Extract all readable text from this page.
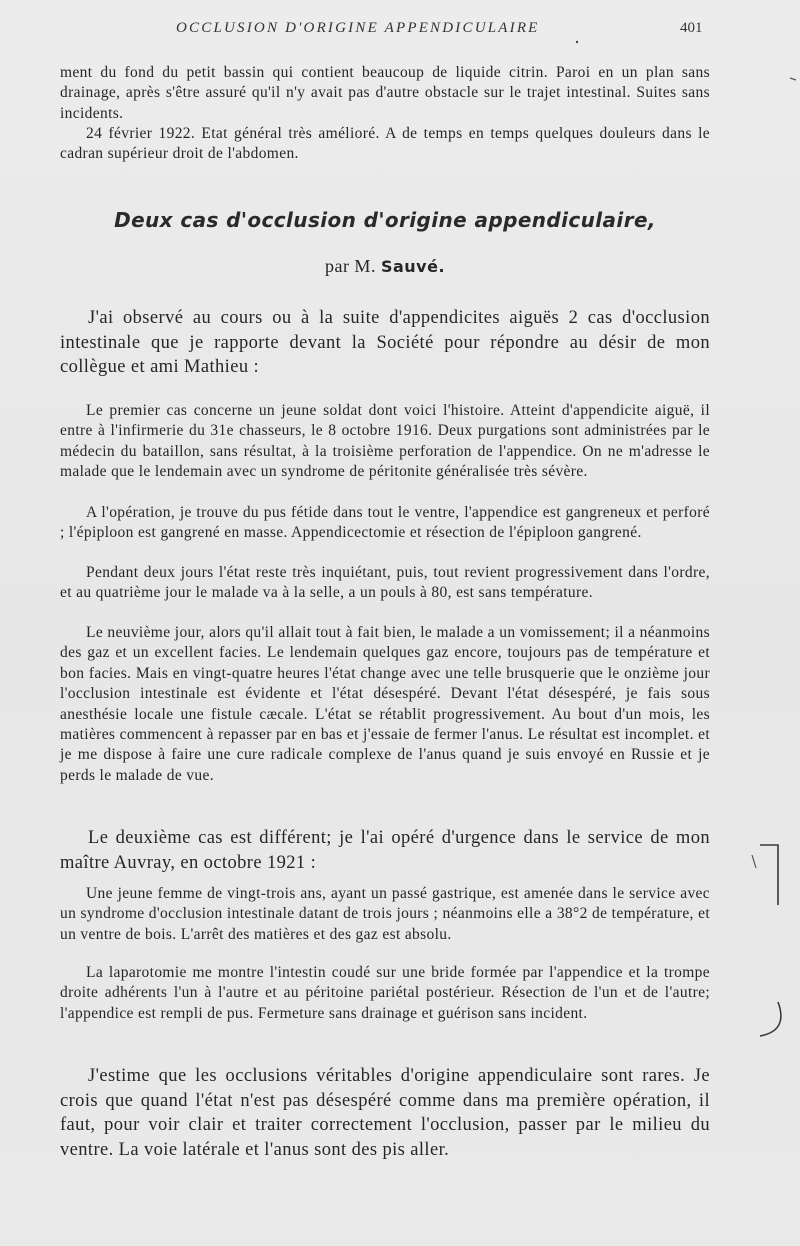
OCCLUSION D'ORIGINE APPENDICULAIRE	401

ment du fond du petit bassin qui contient beaucoup de liquide citrin. Paroi en un plan sans drainage, après s'être assuré qu'il n'y avait pas d'autre obstacle sur le trajet intestinal. Suites sans incidents.

24 février 1922. Etat général très amélioré. A de temps en temps quelques douleurs dans le cadran supérieur droit de l'abdomen.

Deux cas d'occlusion d'origine appendiculaire,
par M. Sauvé.

J'ai observé au cours ou à la suite d'appendicites aiguës 2 cas d'occlusion intestinale que je rapporte devant la Société pour répondre au désir de mon collègue et ami Mathieu :

Le premier cas concerne un jeune soldat dont voici l'histoire. Atteint d'appendicite aiguë, il entre à l'infirmerie du 31e chasseurs, le 8 octobre 1916. Deux purgations sont administrées par le médecin du bataillon, sans résultat, à la troisième perforation de l'appendice. On ne m'adresse le malade que le lendemain avec un syndrome de péritonite généralisée très sévère.

A l'opération, je trouve du pus fétide dans tout le ventre, l'appendice est gangreneux et perforé ; l'épiploon est gangrené en masse. Appendicectomie et résection de l'épiploon gangrené.

Pendant deux jours l'état reste très inquiétant, puis, tout revient progressivement dans l'ordre, et au quatrième jour le malade va à la selle, a un pouls à 80, est sans température.

Le neuvième jour, alors qu'il allait tout à fait bien, le malade a un vomissement; il a néanmoins des gaz et un excellent facies. Le lendemain quelques gaz encore, toujours pas de température et bon facies. Mais en vingt-quatre heures l'état change avec une telle brusquerie que le onzième jour l'occlusion intestinale est évidente et l'état désespéré. Devant l'état désespéré, je fais sous anesthésie locale une fistule cæcale. L'état se rétablit progressivement. Au bout d'un mois, les matières commencent à repasser par en bas et j'essaie de fermer l'anus. Le résultat est incomplet. et je me dispose à faire une cure radicale complexe de l'anus quand je suis envoyé en Russie et je perds le malade de vue.

Le deuxième cas est différent; je l'ai opéré d'urgence dans le service de mon maître Auvray, en octobre 1921 :

Une jeune femme de vingt-trois ans, ayant un passé gastrique, est amenée dans le service avec un syndrome d'occlusion intestinale datant de trois jours ; néanmoins elle a 38°2 de température, et un ventre de bois. L'arrêt des matières et des gaz est absolu.

La laparotomie me montre l'intestin coudé sur une bride formée par l'appendice et la trompe droite adhérents l'un à l'autre et au péritoine pariétal postérieur. Résection de l'un et de l'autre; l'appendice est rempli de pus. Fermeture sans drainage et guérison sans incident.

J'estime que les occlusions véritables d'origine appendiculaire sont rares. Je crois que quand l'état n'est pas désespéré comme dans ma première opération, il faut, pour voir clair et traiter correctement l'occlusion, passer par le milieu du ventre. La voie latérale et l'anus sont des pis aller.
